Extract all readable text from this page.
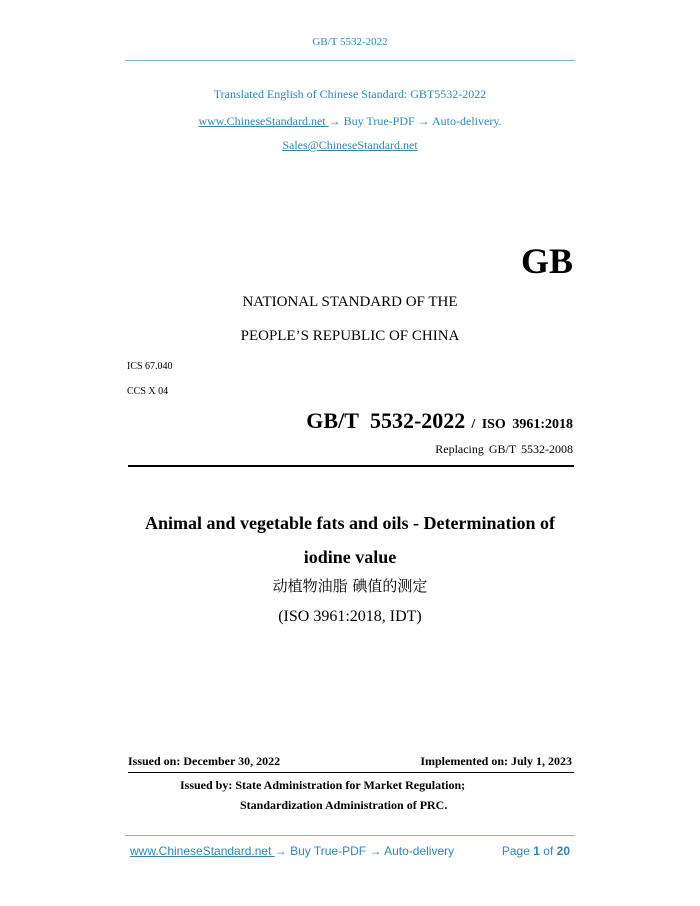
GB/T 5532-2022
Translated English of Chinese Standard: GBT5532-2022
www.ChineseStandard.net → Buy True-PDF → Auto-delivery.
Sales@ChineseStandard.net
GB
NATIONAL STANDARD OF THE
PEOPLE’S REPUBLIC OF CHINA
ICS 67.040
CCS X 04
GB/T 5532-2022 / ISO 3961:2018
Replacing GB/T 5532-2008
Animal and vegetable fats and oils - Determination of iodine value
动植物油脂 碘值的测定
(ISO 3961:2018, IDT)
Issued on: December 30, 2022	Implemented on: July 1, 2023
Issued by: State Administration for Market Regulation;
Standardization Administration of PRC.
www.ChineseStandard.net → Buy True-PDF → Auto-delivery	Page 1 of 20
